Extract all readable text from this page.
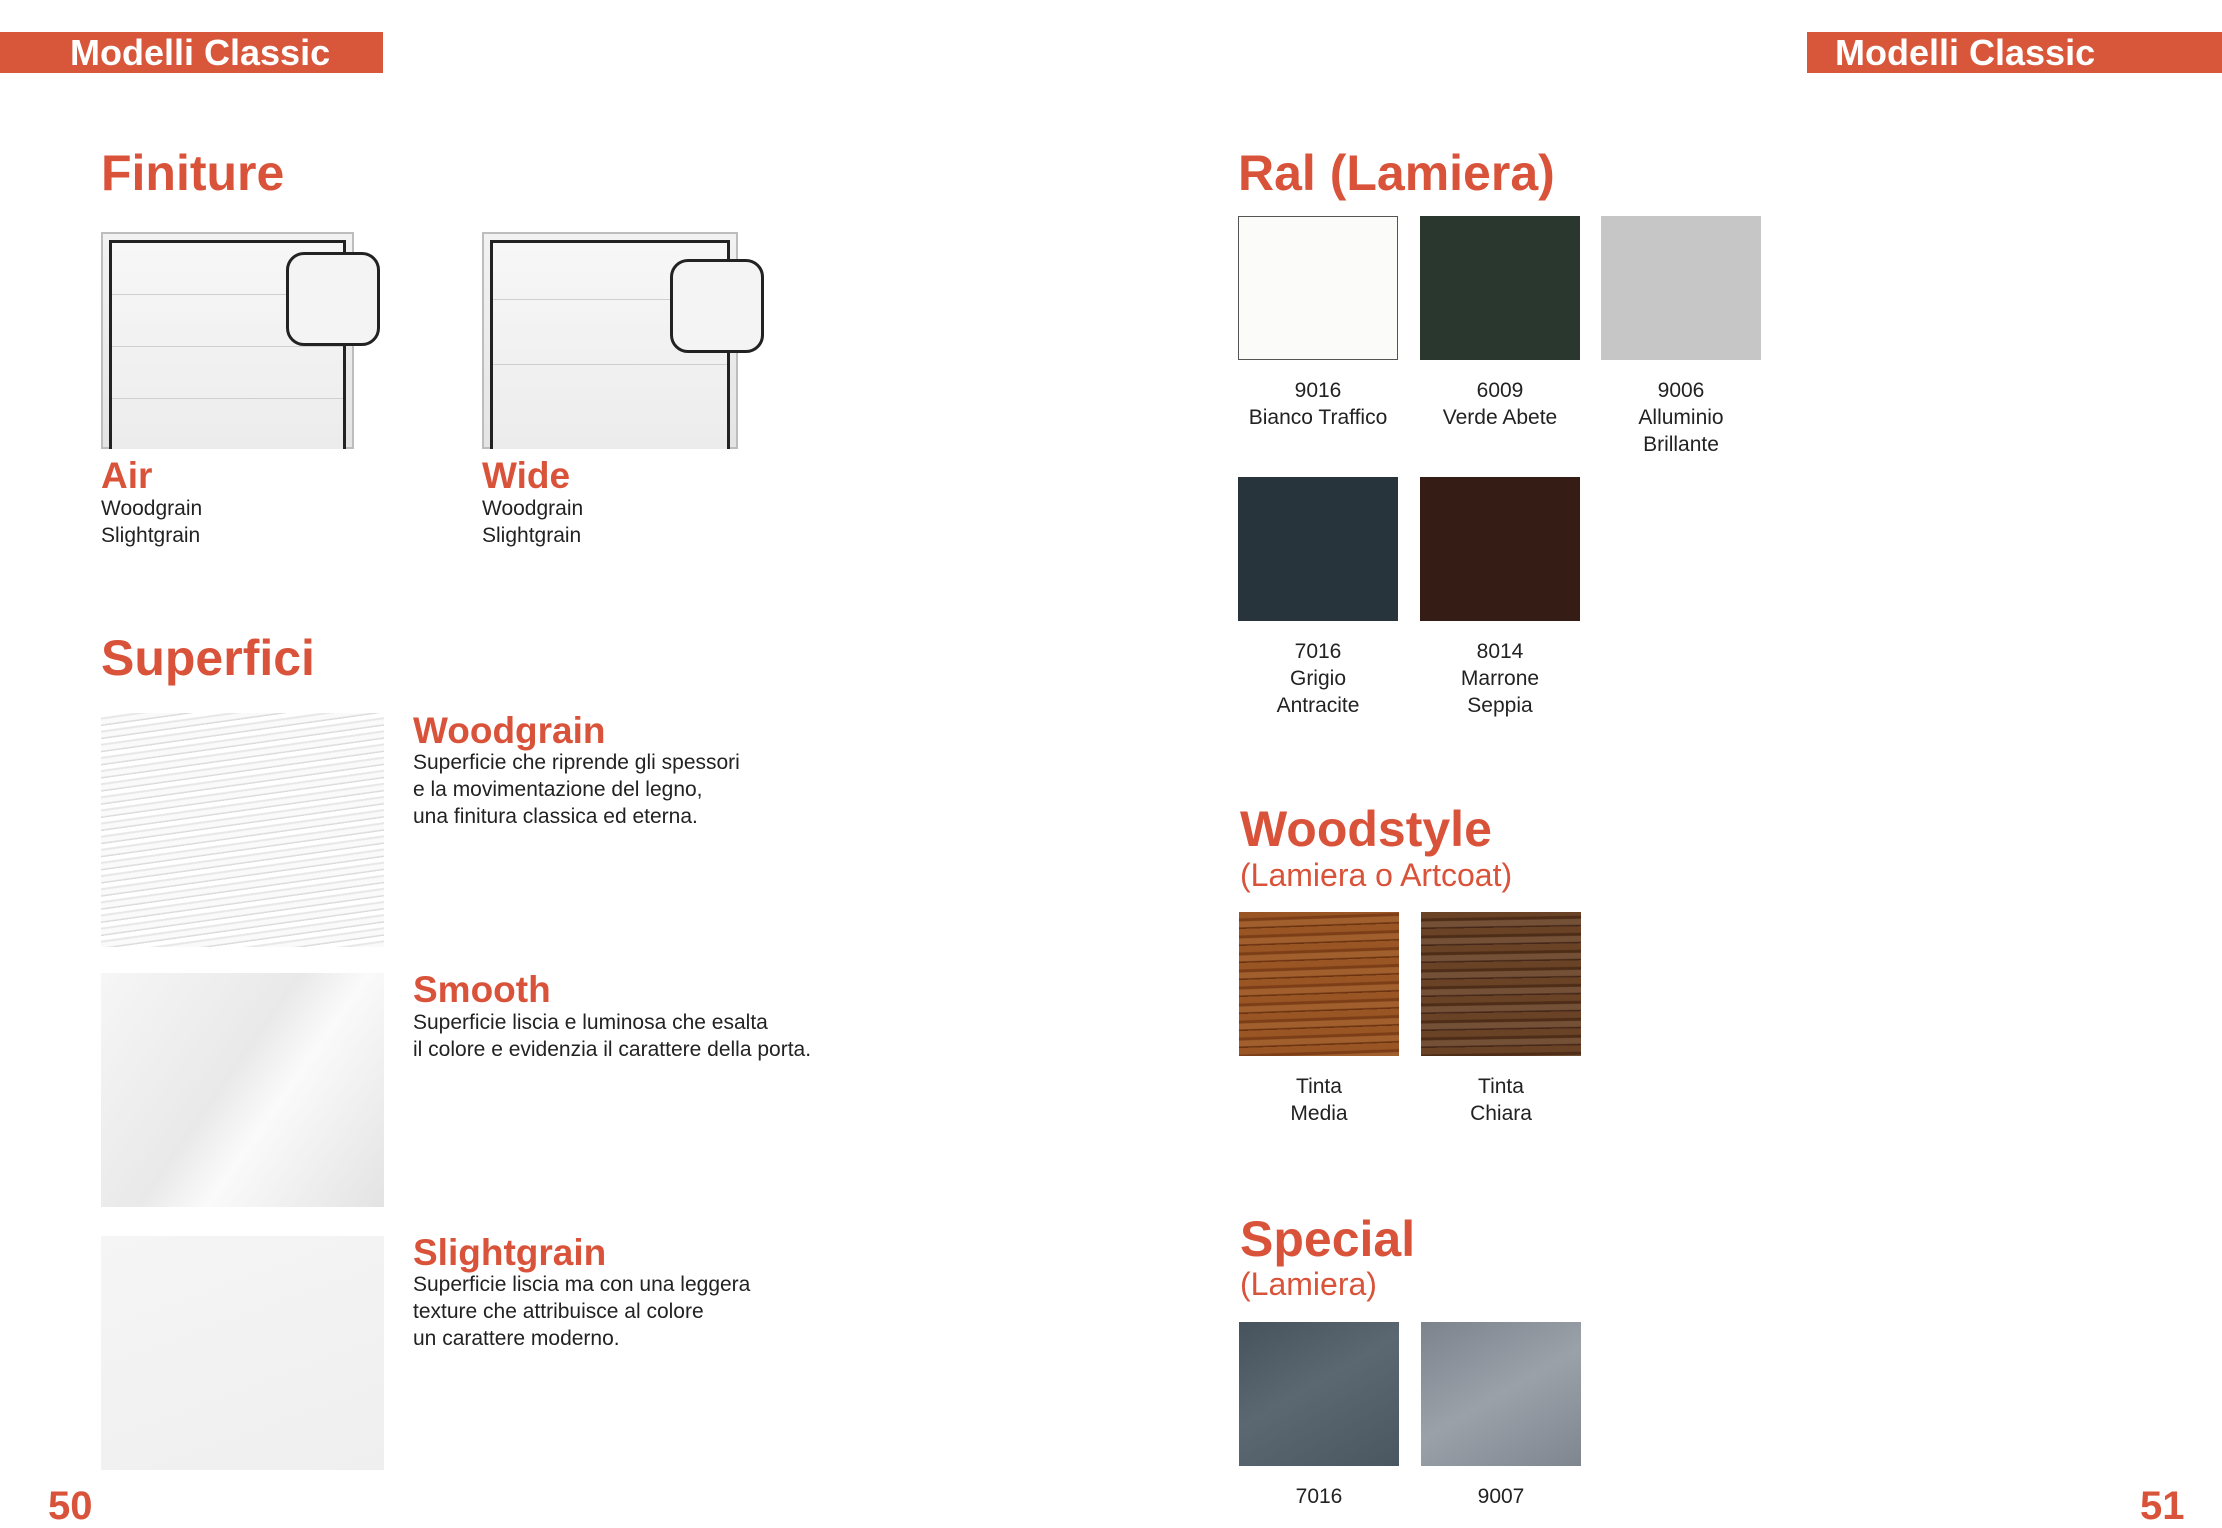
Modelli Classic	Modelli Classic
Finiture
Air
Woodgrain
Slightgrain
Wide
Woodgrain
Slightgrain
Superfici
Woodgrain
Superficie che riprende gli spessori
e la movimentazione del legno,
una finitura classica ed eterna.
Smooth
Superficie liscia e luminosa che esalta
il colore e evidenzia il carattere della porta.
Slightgrain
Superficie liscia ma con una leggera
texture che attribuisce al colore
un carattere moderno.
50
Ral (Lamiera)
9016
Bianco Traffico
6009
Verde Abete
9006
Alluminio
Brillante
7016
Grigio
Antracite
8014
Marrone
Seppia
Woodstyle
(Lamiera o Artcoat)
Tinta
Media
Tinta
Chiara
Special
(Lamiera)
7016	9007	51
